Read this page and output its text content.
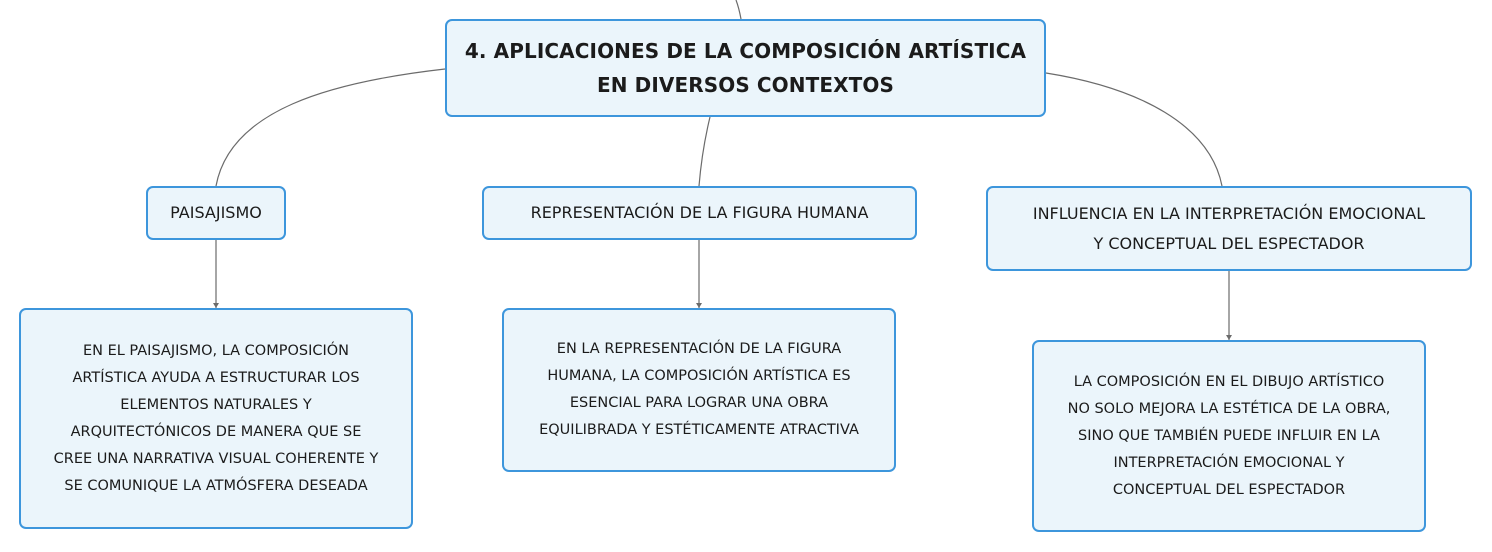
4. APLICACIONES DE LA COMPOSICIÓN ARTÍSTICA
EN DIVERSOS CONTEXTOS
PAISAJISMO	REPRESENTACIÓN DE LA FIGURA HUMANA	INFLUENCIA EN LA INTERPRETACIÓN EMOCIONAL
Y CONCEPTUAL DEL ESPECTADOR
EN EL PAISAJISMO, LA COMPOSICIÓN
ARTÍSTICA AYUDA A ESTRUCTURAR LOS
ELEMENTOS NATURALES Y
ARQUITECTÓNICOS DE MANERA QUE SE
CREE UNA NARRATIVA VISUAL COHERENTE Y
SE COMUNIQUE LA ATMÓSFERA DESEADA
EN LA REPRESENTACIÓN DE LA FIGURA
HUMANA, LA COMPOSICIÓN ARTÍSTICA ES
ESENCIAL PARA LOGRAR UNA OBRA
EQUILIBRADA Y ESTÉTICAMENTE ATRACTIVA
LA COMPOSICIÓN EN EL DIBUJO ARTÍSTICO
NO SOLO MEJORA LA ESTÉTICA DE LA OBRA,
SINO QUE TAMBIÉN PUEDE INFLUIR EN LA
INTERPRETACIÓN EMOCIONAL Y
CONCEPTUAL DEL ESPECTADOR
